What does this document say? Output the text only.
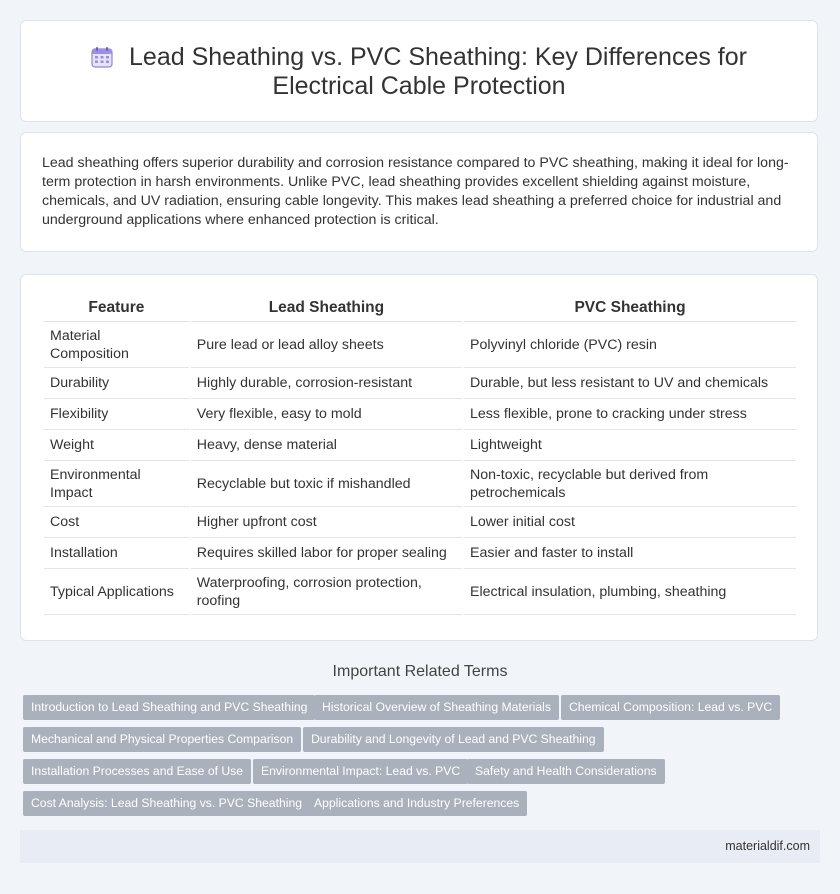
Lead Sheathing vs. PVC Sheathing: Key Differences for Electrical Cable Protection

Lead sheathing offers superior durability and corrosion resistance compared to PVC sheathing, making it ideal for long-term protection in harsh environments. Unlike PVC, lead sheathing provides excellent shielding against moisture, chemicals, and UV radiation, ensuring cable longevity. This makes lead sheathing a preferred choice for industrial and underground applications where enhanced protection is critical.

Feature	Lead Sheathing	PVC Sheathing
Material Composition	Pure lead or lead alloy sheets	Polyvinyl chloride (PVC) resin
Durability	Highly durable, corrosion-resistant	Durable, but less resistant to UV and chemicals
Flexibility	Very flexible, easy to mold	Less flexible, prone to cracking under stress
Weight	Heavy, dense material	Lightweight
Environmental Impact	Recyclable but toxic if mishandled	Non-toxic, recyclable but derived from petrochemicals
Cost	Higher upfront cost	Lower initial cost
Installation	Requires skilled labor for proper sealing	Easier and faster to install
Typical Applications	Waterproofing, corrosion protection, roofing	Electrical insulation, plumbing, sheathing
Important Related Terms
Introduction to Lead Sheathing and PVC Sheathing	Historical Overview of Sheathing Materials	Chemical Composition: Lead vs. PVC
Mechanical and Physical Properties Comparison	Durability and Longevity of Lead and PVC Sheathing
Installation Processes and Ease of Use	Environmental Impact: Lead vs. PVC	Safety and Health Considerations
Cost Analysis: Lead Sheathing vs. PVC Sheathing Applications and Industry Preferences
materialdif.com
